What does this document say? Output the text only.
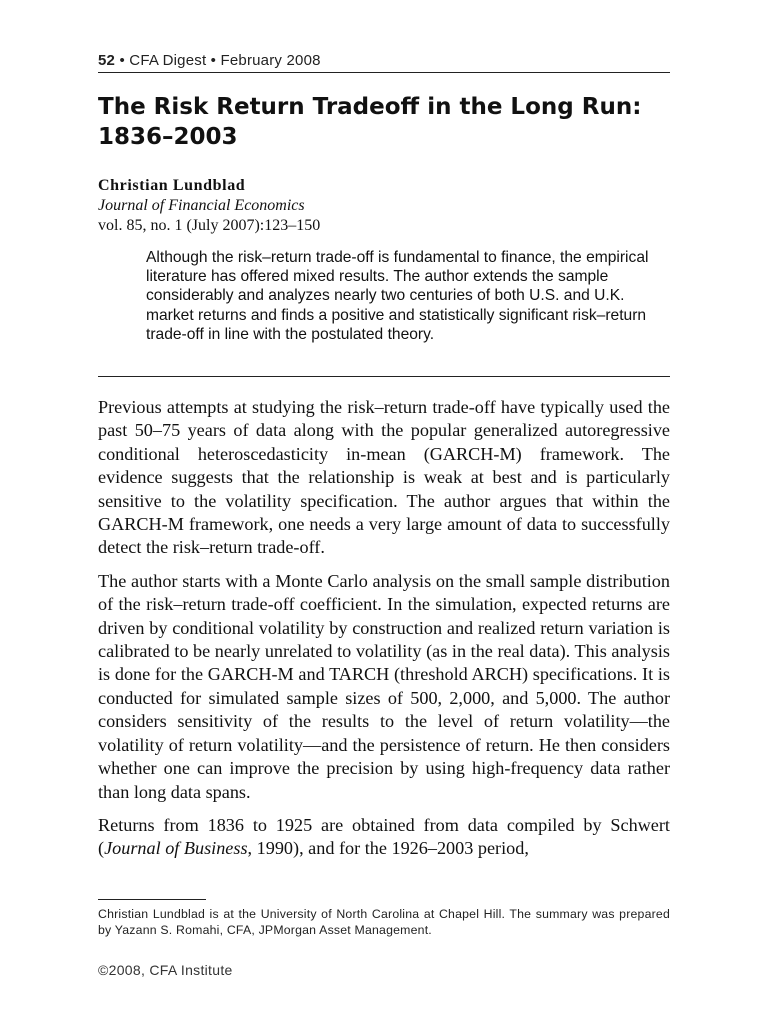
52 • CFA Digest • February 2008
The Risk Return Tradeoff in the Long Run: 1836–2003
Christian Lundblad
Journal of Financial Economics
vol. 85, no. 1 (July 2007):123–150

Although the risk–return trade-off is fundamental to finance, the empirical literature has offered mixed results. The author extends the sample considerably and analyzes nearly two centuries of both U.S. and U.K. market returns and finds a positive and statistically significant risk–return trade-off in line with the postulated theory.

Previous attempts at studying the risk–return trade-off have typically used the past 50–75 years of data along with the popular generalized autoregressive conditional heteroscedasticity in-mean (GARCH-M) framework. The evidence suggests that the relationship is weak at best and is particularly sensitive to the volatility specification. The author argues that within the GARCH-M framework, one needs a very large amount of data to successfully detect the risk–return trade-off.

The author starts with a Monte Carlo analysis on the small sample distribution of the risk–return trade-off coefficient. In the simulation, expected returns are driven by conditional volatility by construction and realized return variation is calibrated to be nearly unrelated to volatility (as in the real data). This analysis is done for the GARCH-M and TARCH (threshold ARCH) specifications. It is conducted for simulated sample sizes of 500, 2,000, and 5,000. The author considers sensitivity of the results to the level of return volatility—the volatility of return volatility—and the persistence of return. He then considers whether one can improve the precision by using high-frequency data rather than long data spans.

Returns from 1836 to 1925 are obtained from data compiled by Schwert (Journal of Business, 1990), and for the 1926–2003 period,

Christian Lundblad is at the University of North Carolina at Chapel Hill. The summary was prepared by Yazann S. Romahi, CFA, JPMorgan Asset Management.

©2008, CFA Institute
